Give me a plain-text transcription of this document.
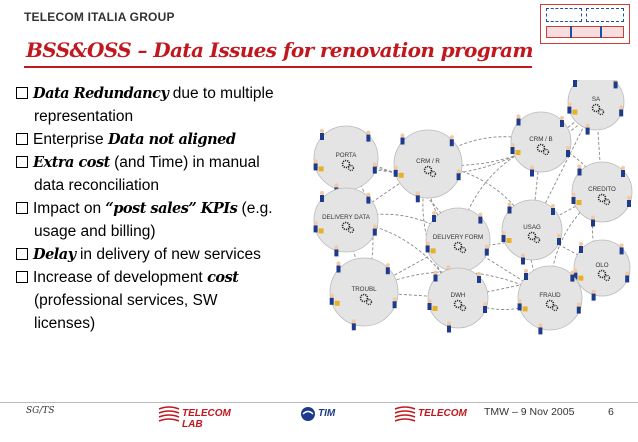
TELECOM ITALIA GROUP
BSS&OSS – Data Issues for renovation program
Data Redundancy due to multiple
representation
Enterprise Data not aligned
Extra cost (and Time) in manual
data reconciliation
Impact on “post sales” KPIs (e.g.
usage and billing)
Delay in delivery of new services
Increase of development cost
(professional services, SW
licenses)
SA
CRM / B
PORTA
CRM / R
CREDITO
DELIVERY DATA
DELIVERY FORM
USAG
OLO
TROUBL
DWH	FRAUD
SG/TS	TELECOM LAB
TIM	TELECOM TMW – 9 Nov 2005	6
